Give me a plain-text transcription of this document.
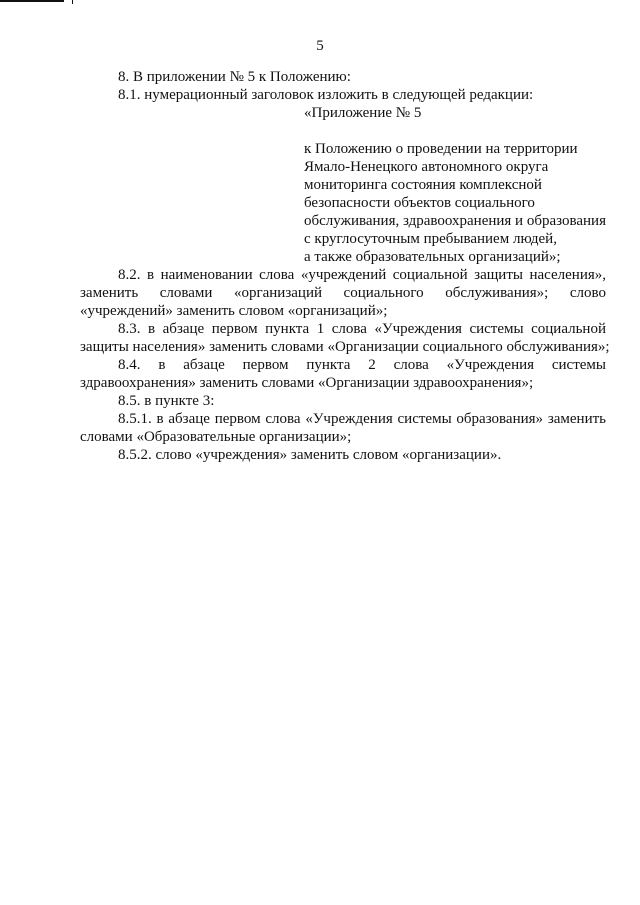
5
8. В приложении № 5 к Положению:
8.1. нумерационный заголовок изложить в следующей редакции:
«Приложение № 5
к Положению о проведении на территории
Ямало-Ненецкого автономного округа
мониторинга состояния комплексной
безопасности объектов социального
обслуживания, здравоохранения и образования
с круглосуточным пребыванием людей,
а также образовательных организаций»;
8.2. в наименовании слова «учреждений социальной защиты населения»,
заменить словами «организаций социального обслуживания»; слово
«учреждений» заменить словом «организаций»;
8.3. в абзаце первом пункта 1 слова «Учреждения системы социальной
защиты населения» заменить словами «Организации социального обслуживания»;
8.4. в абзаце первом пункта 2 слова «Учреждения системы
здравоохранения» заменить словами «Организации здравоохранения»;
8.5. в пункте 3:
8.5.1. в абзаце первом слова «Учреждения системы образования» заменить
словами «Образовательные организации»;
8.5.2. слово «учреждения» заменить словом «организации».
